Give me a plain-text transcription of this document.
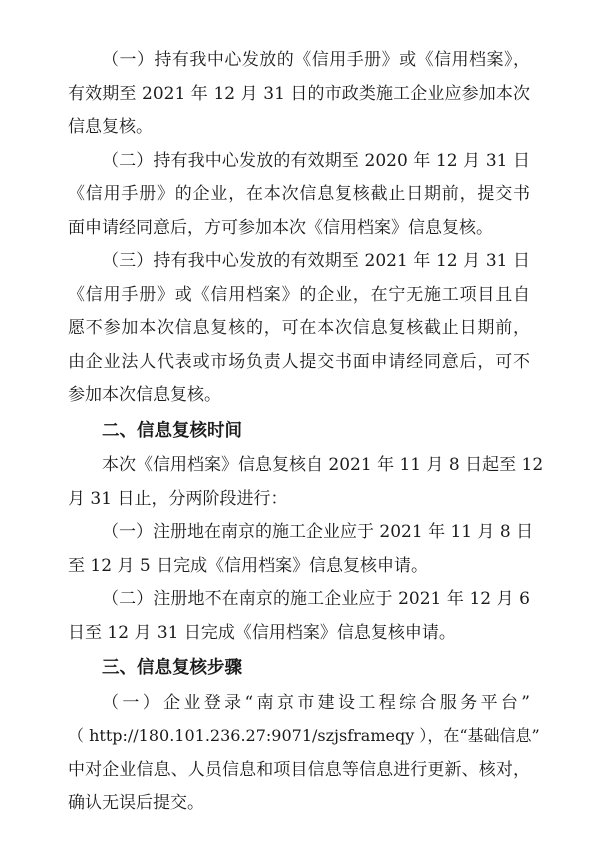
（一）持有我中心发放的《信用手册》或《信用档案》，
有效期至 2021 年 12 月 31 日的市政类施工企业应参加本次
信息复核。
（二）持有我中心发放的有效期至 2020 年 12 月 31 日
《信用手册》的企业，在本次信息复核截止日期前，提交书
面申请经同意后，方可参加本次《信用档案》信息复核。
（三）持有我中心发放的有效期至 2021 年 12 月 31 日
《信用手册》或《信用档案》的企业，在宁无施工项目且自
愿不参加本次信息复核的，可在本次信息复核截止日期前，
由企业法人代表或市场负责人提交书面申请经同意后，可不
参加本次信息复核。
二、信息复核时间
本次《信用档案》信息复核自 2021 年 11 月 8 日起至 12
月 31 日止，分两阶段进行：
（一）注册地在南京的施工企业应于 2021 年 11 月 8 日
至 12 月 5 日完成《信用档案》信息复核申请。
（二）注册地不在南京的施工企业应于 2021 年 12 月 6
日至 12 月 31 日完成《信用档案》信息复核申请。
三、信息复核步骤
（一）企业登录“南京市建设工程综合服务平台”
（ http://180.101.236.27:9071/szjsframeqy ），在“基础信息”
中对企业信息、人员信息和项目信息等信息进行更新、核对，
确认无误后提交。
